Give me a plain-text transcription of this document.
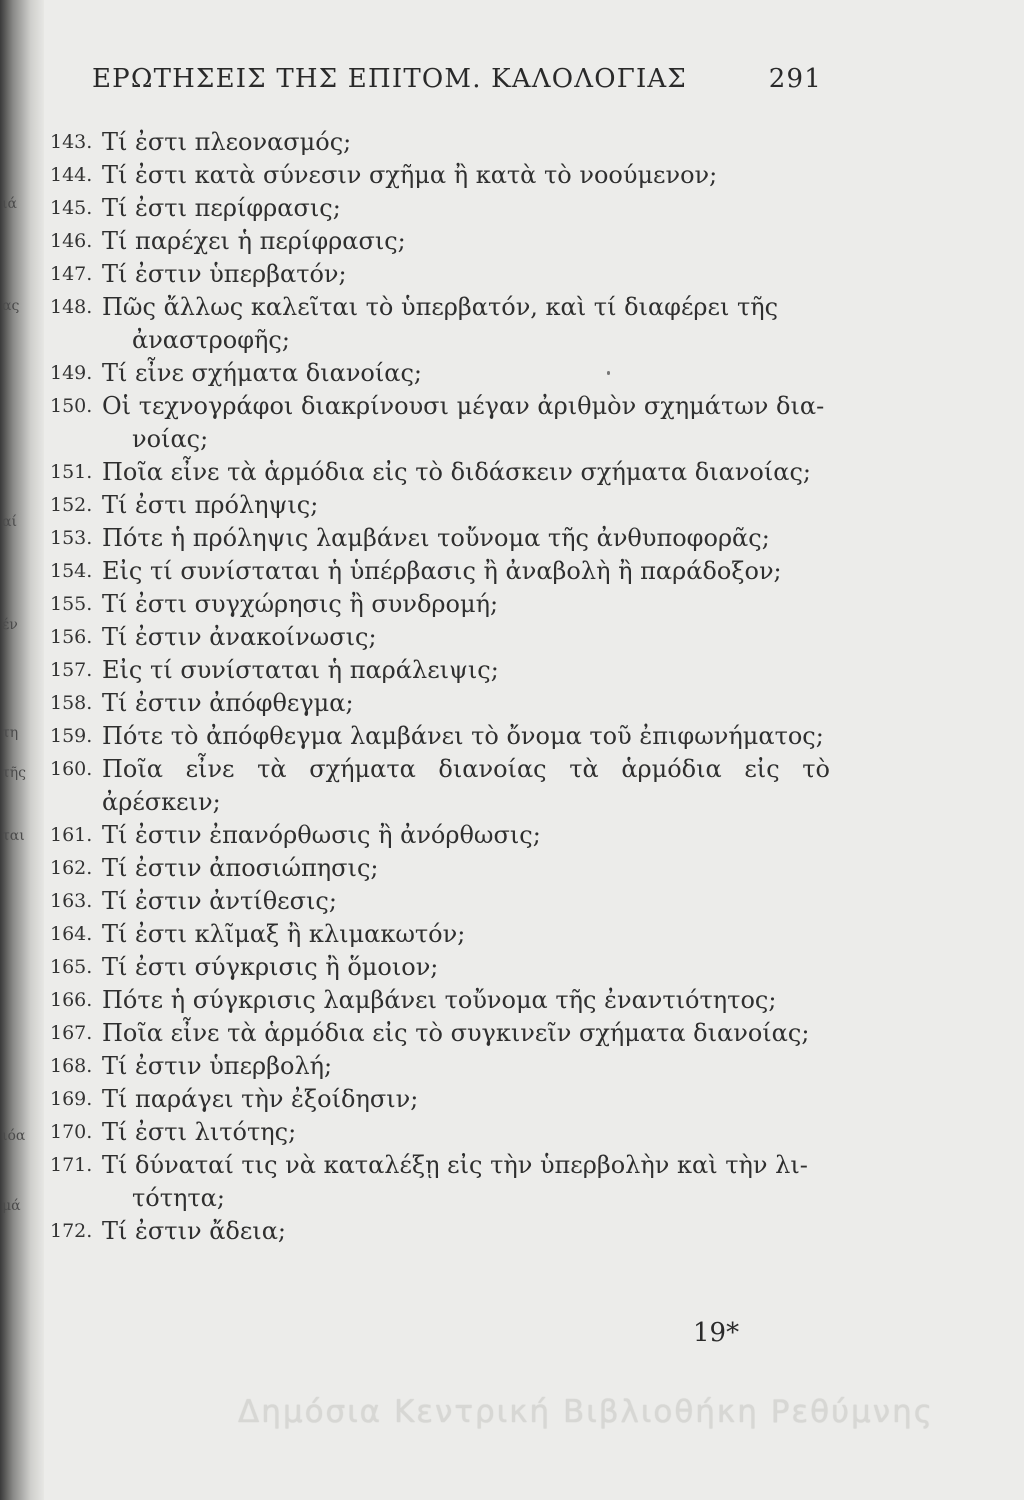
ιά
ας
αί
έν
τη
τῆς
ται
ιόα
μά
ΕΡΩΤΗΣΕΙΣ ΤΗΣ ΕΠΙΤΟΜ. ΚΑΛΟΛΟΓΙΑΣ	291
143. Τί ἐστι πλεονασμός;
144. Τί ἐστι κατὰ σύνεσιν σχῆμα ἢ κατὰ τὸ νοούμενον;
145. Τί ἐστι περίφρασις;
146. Τί παρέχει ἡ περίφρασις;
147. Τί ἐστιν ὑπερβατόν;
148. Πῶς ἄλλως καλεῖται τὸ ὑπερβατόν, καὶ τί διαφέρει τῆς
ἀναστροφῆς;
149. Τί εἶνε σχήματα διανοίας;
150. Οἱ τεχνογράφοι διακρίνουσι μέγαν ἀριθμὸν σχημάτων δια-
νοίας;
151. Ποῖα εἶνε τὰ ἁρμόδια εἰς τὸ διδάσκειν σχήματα διανοίας;
152. Τί ἐστι πρόληψις;
153. Πότε ἡ πρόληψις λαμβάνει τοὔνομα τῆς ἀνθυποφορᾶς;
154. Εἰς τί συνίσταται ἡ ὑπέρβασις ἢ ἀναβολὴ ἢ παράδοξον;
155. Τί ἐστι συγχώρησις ἢ συνδρομή;
156. Τί ἐστιν ἀνακοίνωσις;
157. Εἰς τί συνίσταται ἡ παράλειψις;
158. Τί ἐστιν ἀπόφθεγμα;
159. Πότε τὸ ἀπόφθεγμα λαμβάνει τὸ ὄνομα τοῦ ἐπιφωνήματος;
160. Ποῖα εἶνε τὰ σχήματα διανοίας τὰ ἁρμόδια εἰς τὸ ἀρέσκειν;
161. Τί ἐστιν ἐπανόρθωσις ἢ ἀνόρθωσις;
162. Τί ἐστιν ἀποσιώπησις;
163. Τί ἐστιν ἀντίθεσις;
164. Τί ἐστι κλῖμαξ ἢ κλιμακωτόν;
165. Τί ἐστι σύγκρισις ἢ ὅμοιον;
166. Πότε ἡ σύγκρισις λαμβάνει τοὔνομα τῆς ἐναντιότητος;
167. Ποῖα εἶνε τὰ ἁρμόδια εἰς τὸ συγκινεῖν σχήματα διανοίας;
168. Τί ἐστιν ὑπερβολή;
169. Τί παράγει τὴν ἐξοίδησιν;
170. Τί ἐστι λιτότης;
171. Τί δύναταί τις νὰ καταλέξῃ εἰς τὴν ὑπερβολὴν καὶ τὴν λι-
τότητα;
172. Τί ἐστιν ἄδεια;
19*
Δημόσια Κεντρική Βιβλιοθήκη Ρεθύμνης
